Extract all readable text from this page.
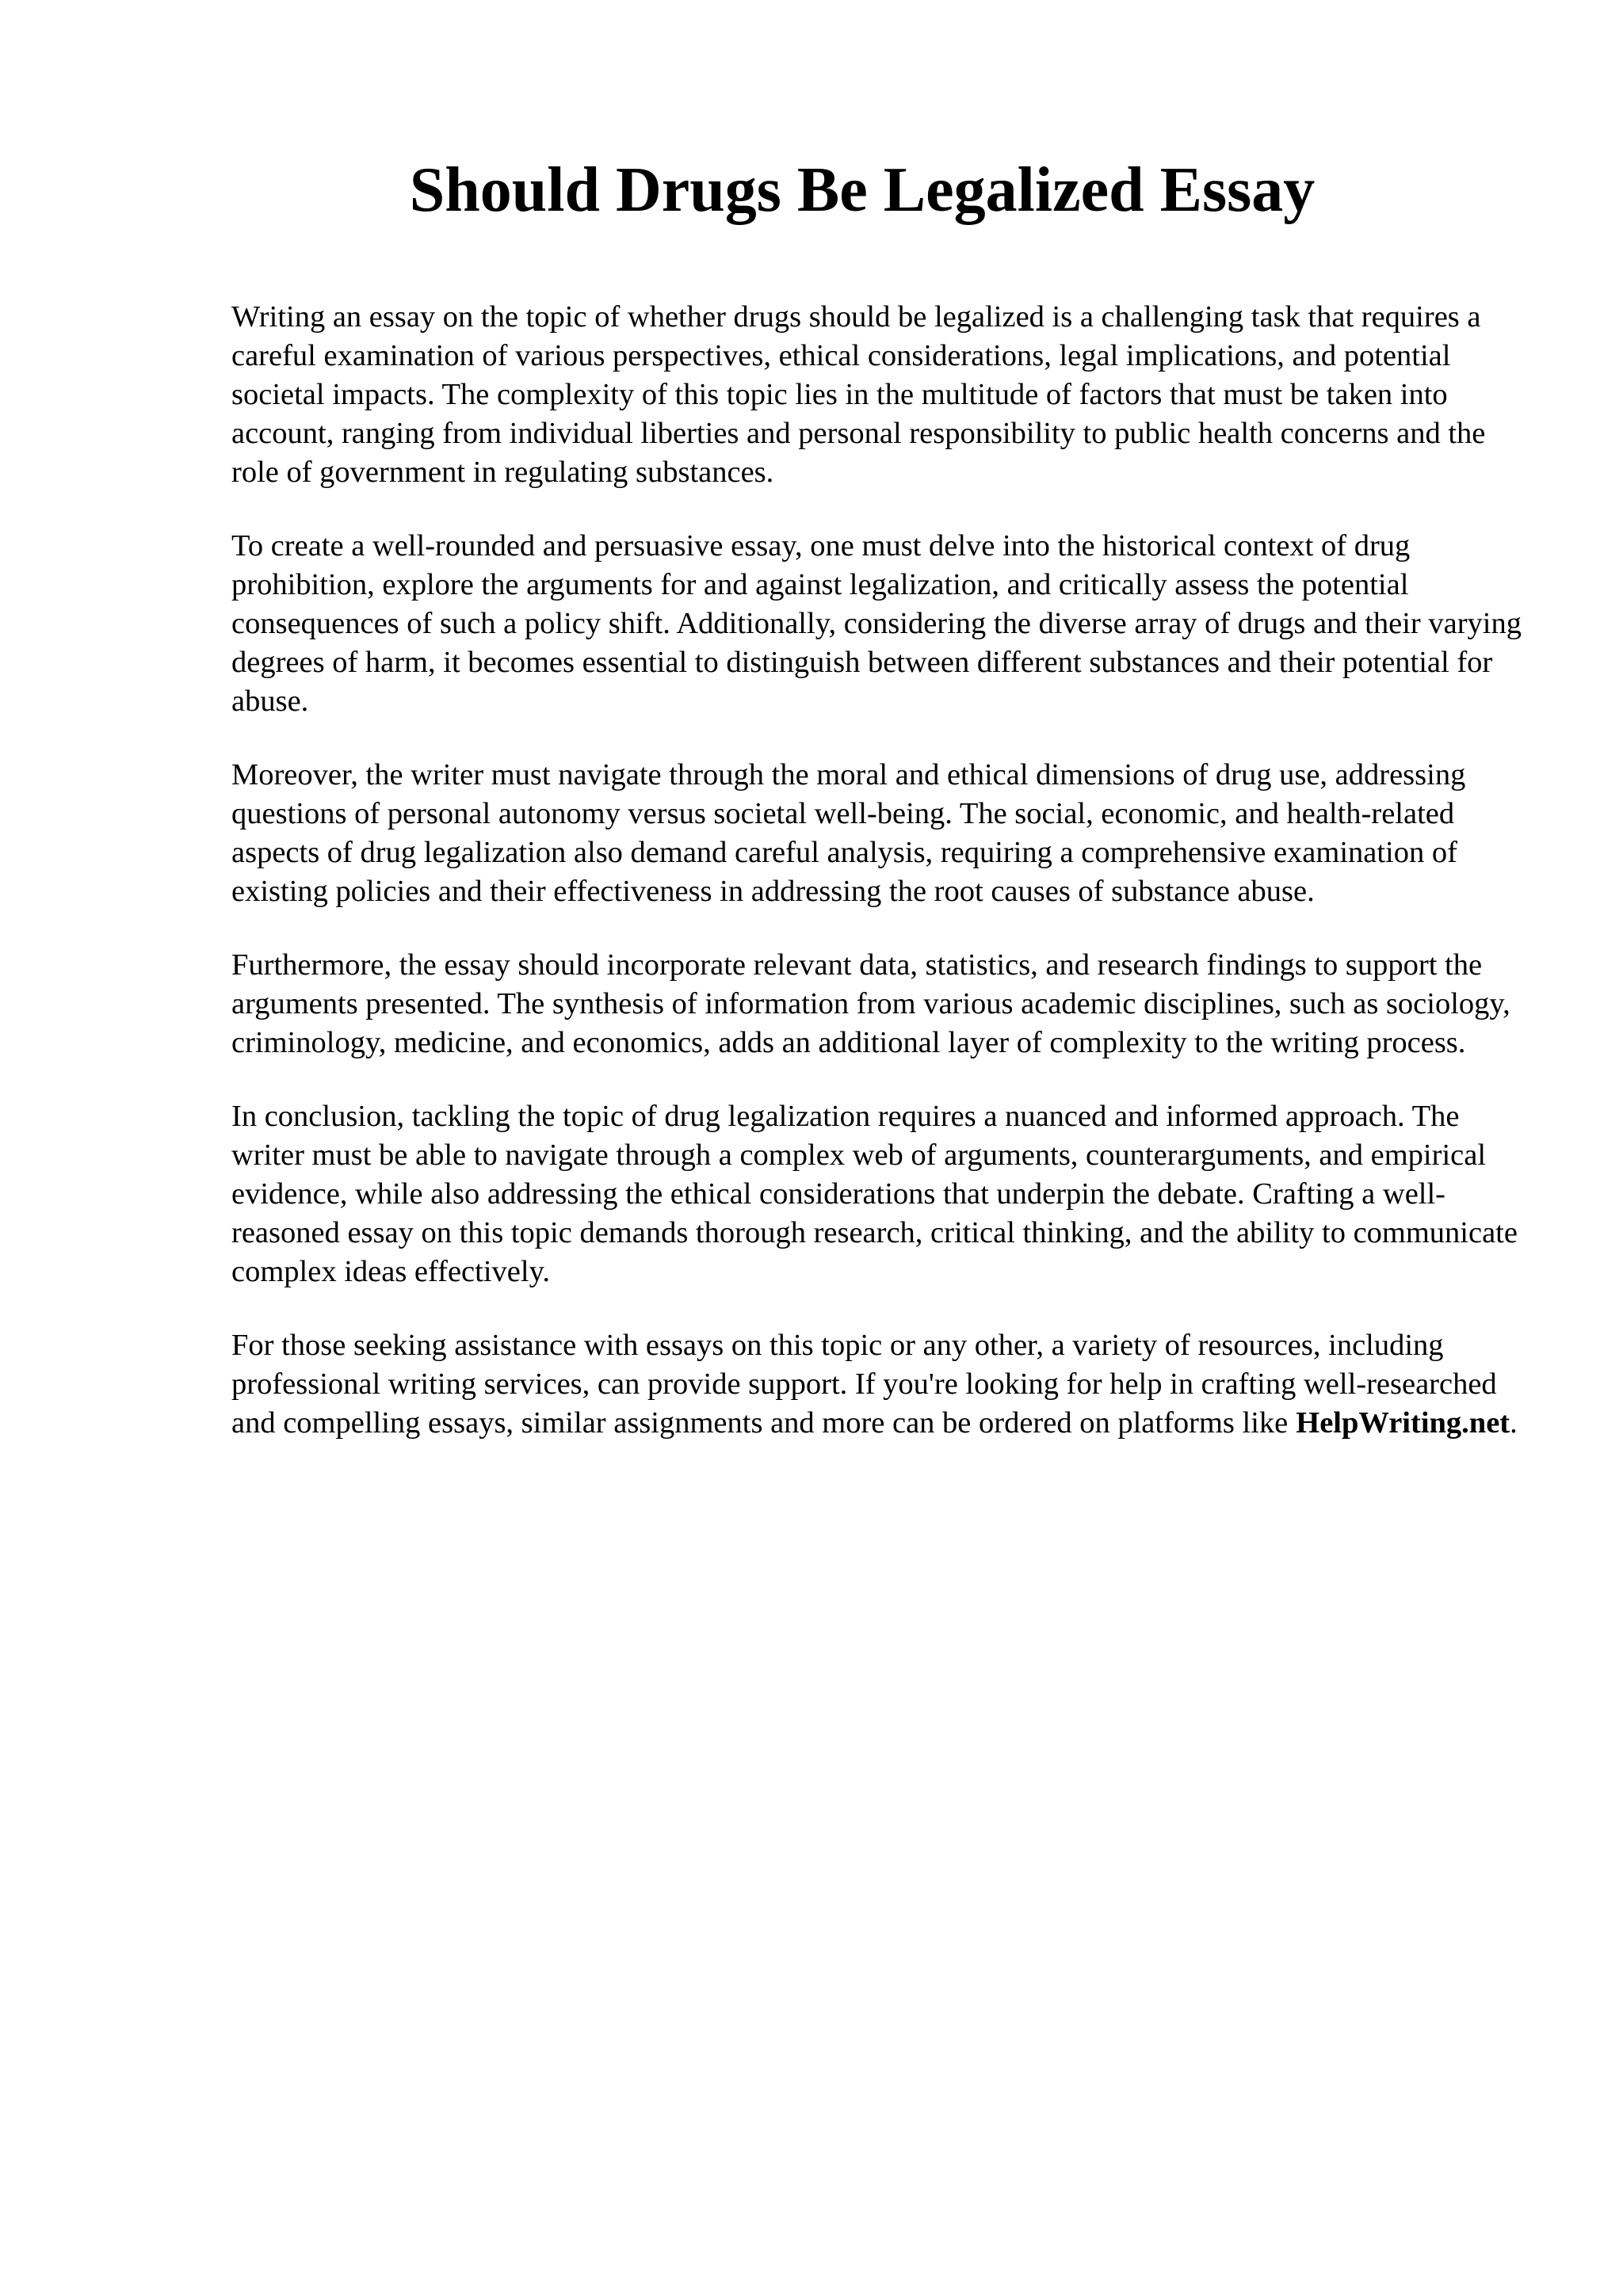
Should Drugs Be Legalized Essay

Writing an essay on the topic of whether drugs should be legalized is a challenging task that requires a careful examination of various perspectives, ethical considerations, legal implications, and potential societal impacts. The complexity of this topic lies in the multitude of factors that must be taken into account, ranging from individual liberties and personal responsibility to public health concerns and the role of government in regulating substances.

To create a well-rounded and persuasive essay, one must delve into the historical context of drug prohibition, explore the arguments for and against legalization, and critically assess the potential consequences of such a policy shift. Additionally, considering the diverse array of drugs and their varying degrees of harm, it becomes essential to distinguish between different substances and their potential for abuse.

Moreover, the writer must navigate through the moral and ethical dimensions of drug use, addressing questions of personal autonomy versus societal well-being. The social, economic, and health-related aspects of drug legalization also demand careful analysis, requiring a comprehensive examination of existing policies and their effectiveness in addressing the root causes of substance abuse.

Furthermore, the essay should incorporate relevant data, statistics, and research findings to support the arguments presented. The synthesis of information from various academic disciplines, such as sociology, criminology, medicine, and economics, adds an additional layer of complexity to the writing process.

In conclusion, tackling the topic of drug legalization requires a nuanced and informed approach. The writer must be able to navigate through a complex web of arguments, counterarguments, and empirical evidence, while also addressing the ethical considerations that underpin the debate. Crafting a well-reasoned essay on this topic demands thorough research, critical thinking, and the ability to communicate complex ideas effectively.

For those seeking assistance with essays on this topic or any other, a variety of resources, including professional writing services, can provide support. If you're looking for help in crafting well-researched and compelling essays, similar assignments and more can be ordered on platforms like HelpWriting.net.
